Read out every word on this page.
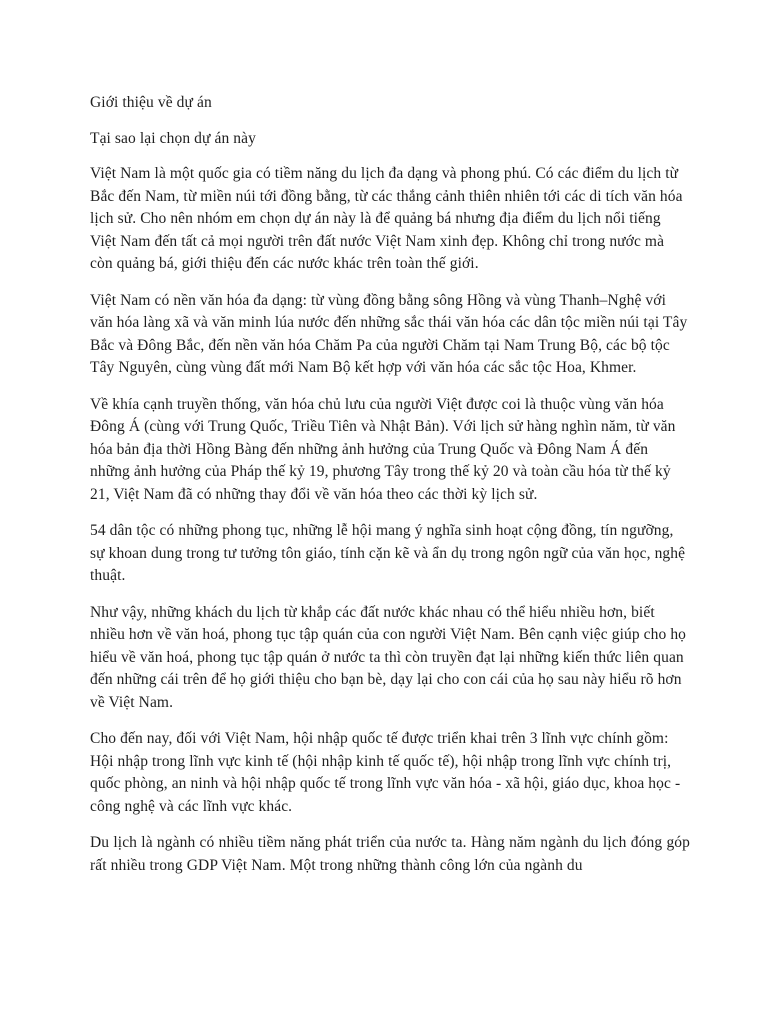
Giới thiệu về dự án

Tại sao lại chọn dự án này

Việt Nam là một quốc gia có tiềm năng du lịch đa dạng và phong phú. Có các điểm du lịch từ Bắc đến Nam, từ miền núi tới đồng bằng, từ các thắng cảnh thiên nhiên tới các di tích văn hóa lịch sử. Cho nên nhóm em chọn dự án này là để quảng bá nhưng địa điểm du lịch nổi tiếng Việt Nam đến tất cả mọi người trên đất nước Việt Nam xinh đẹp. Không chỉ trong nước mà còn quảng bá, giới thiệu đến các nước khác trên toàn thế giới.

Việt Nam có nền văn hóa đa dạng: từ vùng đồng bằng sông Hồng và vùng Thanh–Nghệ với văn hóa làng xã và văn minh lúa nước đến những sắc thái văn hóa các dân tộc miền núi tại Tây Bắc và Đông Bắc, đến nền văn hóa Chăm Pa của người Chăm tại Nam Trung Bộ, các bộ tộc Tây Nguyên, cùng vùng đất mới Nam Bộ kết hợp với văn hóa các sắc tộc Hoa, Khmer.

Về khía cạnh truyền thống, văn hóa chủ lưu của người Việt được coi là thuộc vùng văn hóa Đông Á (cùng với Trung Quốc, Triều Tiên và Nhật Bản). Với lịch sử hàng nghìn năm, từ văn hóa bản địa thời Hồng Bàng đến những ảnh hưởng của Trung Quốc và Đông Nam Á đến những ảnh hưởng của Pháp thế kỷ 19, phương Tây trong thế kỷ 20 và toàn cầu hóa từ thế kỷ 21, Việt Nam đã có những thay đổi về văn hóa theo các thời kỳ lịch sử.

54 dân tộc có những phong tục, những lễ hội mang ý nghĩa sinh hoạt cộng đồng, tín ngưỡng, sự khoan dung trong tư tưởng tôn giáo, tính cặn kẽ và ẩn dụ trong ngôn ngữ của văn học, nghệ thuật.

Như vậy, những khách du lịch từ khắp các đất nước khác nhau có thể hiểu nhiều hơn, biết nhiều hơn về văn hoá, phong tục tập quán của con người Việt Nam. Bên cạnh việc giúp cho họ hiểu về văn hoá, phong tục tập quán ở nước ta thì còn truyền đạt lại những kiến thức liên quan đến những cái trên để họ giới thiệu cho bạn bè, dạy lại cho con cái của họ sau này hiểu rõ hơn về Việt Nam.

Cho đến nay, đối với Việt Nam, hội nhập quốc tế được triển khai trên 3 lĩnh vực chính gồm: Hội nhập trong lĩnh vực kinh tế (hội nhập kinh tế quốc tế), hội nhập trong lĩnh vực chính trị, quốc phòng, an ninh và hội nhập quốc tế trong lĩnh vực văn hóa - xã hội, giáo dục, khoa học - công nghệ và các lĩnh vực khác.

Du lịch là ngành có nhiều tiềm năng phát triển của nước ta. Hàng năm ngành du lịch đóng góp rất nhiều trong GDP Việt Nam. Một trong những thành công lớn của ngành du
